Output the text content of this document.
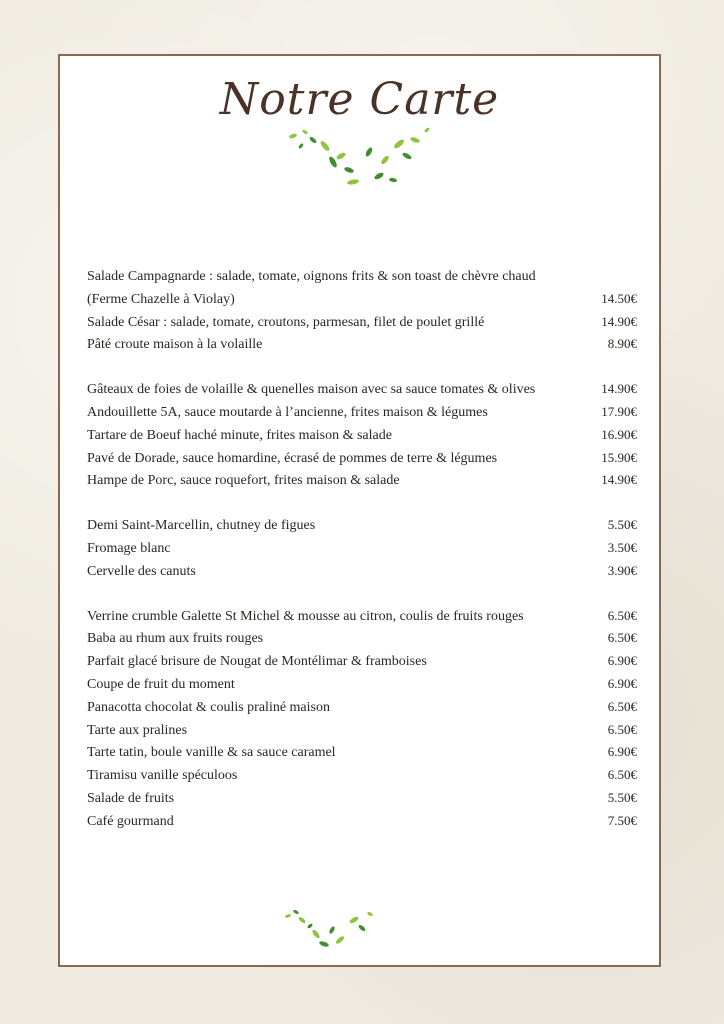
Notre Carte
Salade Campagnarde : salade, tomate, oignons frits & son toast de chèvre chaud
(Ferme Chazelle à Violay)	14.50€
Salade César : salade, tomate, croutons, parmesan, filet de poulet grillé	14.90€
Pâté croute maison à la volaille	8.90€
Gâteaux de foies de volaille & quenelles maison avec sa sauce tomates & olives	14.90€
Andouillette 5A, sauce moutarde à l’ancienne, frites maison & légumes	17.90€
Tartare de Boeuf haché minute, frites maison & salade	16.90€
Pavé de Dorade, sauce homardine, écrasé de pommes de terre & légumes	15.90€
Hampe de Porc, sauce roquefort, frites maison & salade	14.90€
Demi Saint-Marcellin, chutney de figues	5.50€
Fromage blanc	3.50€
Cervelle des canuts	3.90€
Verrine crumble Galette St Michel & mousse au citron, coulis de fruits rouges	6.50€
Baba au rhum aux fruits rouges	6.50€
Parfait glacé brisure de Nougat de Montélimar & framboises	6.90€
Coupe de fruit du moment	6.90€
Panacotta chocolat & coulis praliné maison	6.50€
Tarte aux pralines	6.50€
Tarte tatin, boule vanille & sa sauce caramel	6.90€
Tiramisu vanille spéculoos	6.50€
Salade de fruits	5.50€
Café gourmand	7.50€
